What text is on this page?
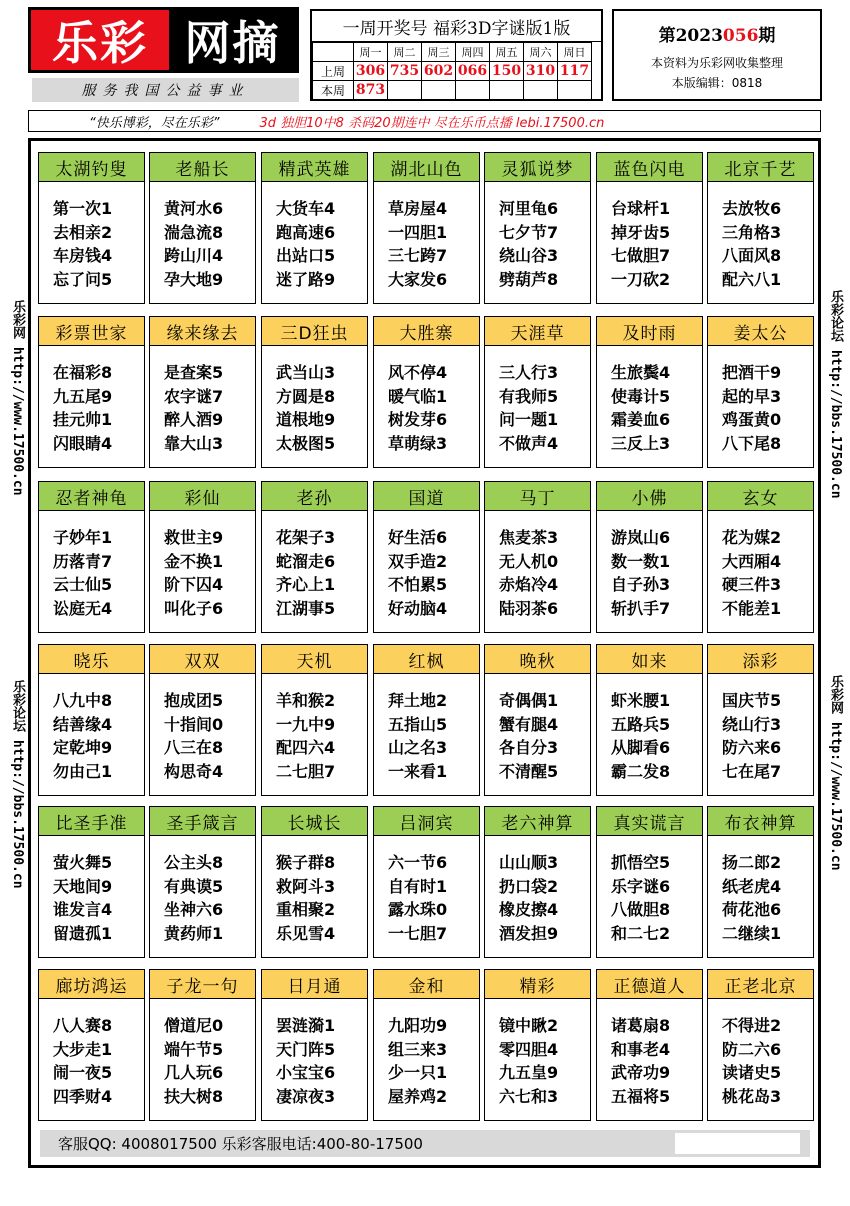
乐彩 网摘
服务我国公益事业
一周开奖号 福彩3D字谜版1版
	周一	周二	周三	周四	周五	周六	周日
上周	306	735	602	066	150	310	117
本周	873						
第2023056期
本资料为乐彩网收集整理
本版编辑：0818
“快乐博彩，尽在乐彩”	3d 独胆10中8 杀码20期连中 尽在乐币点播 lebi.17500.cn
乐彩网 http://www.17500.cn
乐彩论坛 http://bbs.17500.cn
乐彩论坛 http://bbs.17500.cn
乐彩网 http://www.17500.cn
太湖钓叟
第一次1
去相亲2
车房钱4
忘了问5
老船长
黄河水6
湍急流8
跨山川4
孕大地9
精武英雄
大货车4
跑高速6
出站口5
迷了路9
湖北山色
草房屋4
一四胆1
三七跨7
大家发6
灵狐说梦
河里龟6
七夕节7
绕山谷3
劈葫芦8
蓝色闪电
台球杆1
掉牙齿5
七做胆7
一刀砍2
北京千艺
去放牧6
三角格3
八面风8
配六八1
彩票世家
在福彩8
九五尾9
挂元帅1
闪眼睛4
缘来缘去
是查案5
农字谜7
醉人酒9
靠大山3
三D狂虫
武当山3
方圆是8
道根地9
太极图5
大胜寨
风不停4
暖气临1
树发芽6
草萌绿3
天涯草
三人行3
有我师5
问一题1
不做声4
及时雨
生旅鬓4
使毒计5
霜姜血6
三反上3
姜太公
把酒干9
起的早3
鸡蛋黄0
八下尾8
忍者神龟
子妙年1
历落青7
云士仙5
讼庭无4
彩仙
救世主9
金不换1
阶下囚4
叫化子6
老孙
花架子3
蛇溜走6
齐心上1
江湖事5
国道
好生活6
双手造2
不怕累5
好动脑4
马丁
焦麦茶3
无人机0
赤焰冷4
陆羽茶6
小佛
游岚山6
数一数1
自子孙3
斩扒手7
玄女
花为媒2
大西厢4
硬三件3
不能差1
晓乐
八九中8
结善缘4
定乾坤9
勿由己1
双双
抱成团5
十指间0
八三在8
构思奇4
天机
羊和猴2
一九中9
配四六4
二七胆7
红枫
拜土地2
五指山5
山之名3
一来看1
晚秋
奇偶偶1
蟹有腿4
各自分3
不清醒5
如来
虾米腰1
五路兵5
从脚看6
霸二发8
添彩
国庆节5
绕山行3
防六来6
七在尾7
比圣手准
萤火舞5
天地间9
谁发言4
留遗孤1
圣手箴言
公主头8
有典谟5
坐神六6
黄药师1
长城长
猴子群8
救阿斗3
重相聚2
乐见雪4
吕洞宾
六一节6
自有时1
露水珠0
一七胆7
老六神算
山山顺3
扔口袋2
橡皮擦4
酒发担9
真实谎言
抓悟空5
乐字谜6
八做胆8
和二七2
布衣神算
扬二郎2
纸老虎4
荷花池6
二继续1
廊坊鸿运
八人赛8
大步走1
闹一夜5
四季财4
子龙一句
僧道尼0
端午节5
几人玩6
扶大树8
日月通
罢涟漪1
天门阵5
小宝宝6
凄凉夜3
金和
九阳功9
组三来3
少一只1
屋养鸡2
精彩
镜中瞅2
零四胆4
九五皇9
六七和3
正德道人
诸葛扇8
和事老4
武帝功9
五福将5
正老北京
不得进2
防二六6
读诸史5
桃花岛3
客服QQ: 4008017500 乐彩客服电话:400-80-17500
